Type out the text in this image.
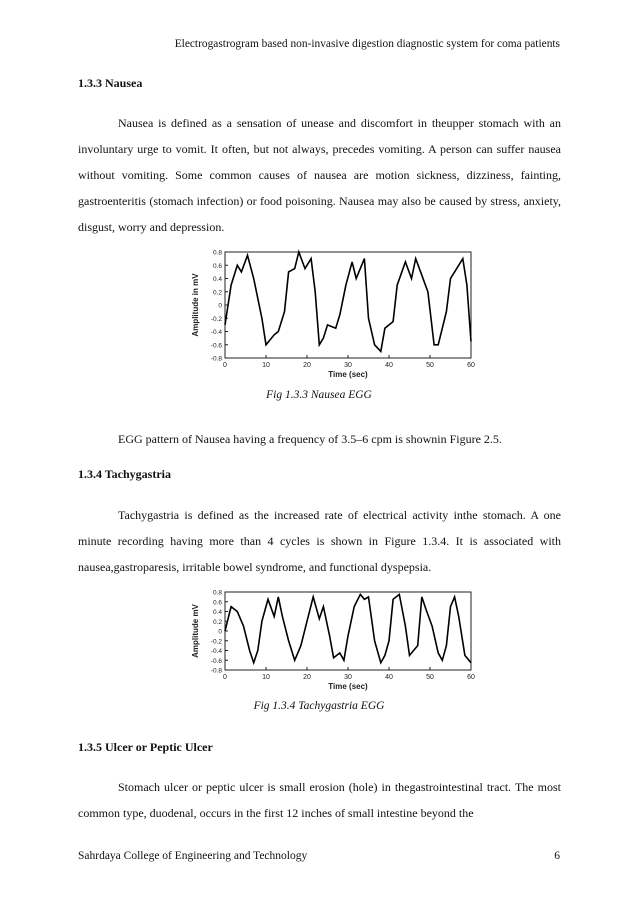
Electrogastrogram based non-invasive digestion diagnostic system for coma patients
1.3.3 Nausea
Nausea is defined as a sensation of unease and discomfort in theupper stomach with an involuntary urge to vomit. It often, but not always, precedes vomiting. A person can suffer nausea without vomiting. Some common causes of nausea are motion sickness, dizziness, fainting, gastroenteritis (stomach infection) or food poisoning. Nausea may also be caused by stress, anxiety, disgust, worry and depression.
-0.8
-0.6
-0.4
-0.2
0
0.2
0.4
0.6
0.8
0	10	20	30	40	50	60
Time (sec)
Amplitude in mV
Fig 1.3.3 Nausea EGG
EGG pattern of Nausea having a frequency of 3.5–6 cpm is shownin Figure 2.5.
1.3.4 Tachygastria
Tachygastria is defined as the increased rate of electrical activity inthe stomach. A one minute recording having more than 4 cycles is shown in Figure 1.3.4. It is associated with nausea,gastroparesis, irritable bowel syndrome, and functional dyspepsia.
-0.8
-0.6
-0.4
-0.2
0
0.2
0.4
0.6
0.8
0	10	20	30	40	50	60
Time (sec)
Amplitude mV
Fig 1.3.4 Tachygastria EGG
1.3.5 Ulcer or Peptic Ulcer
Stomach ulcer or peptic ulcer is small erosion (hole) in thegastrointestinal tract. The most common type, duodenal, occurs in the first 12 inches of small intestine beyond the
Sahrdaya College of Engineering and Technology	6
